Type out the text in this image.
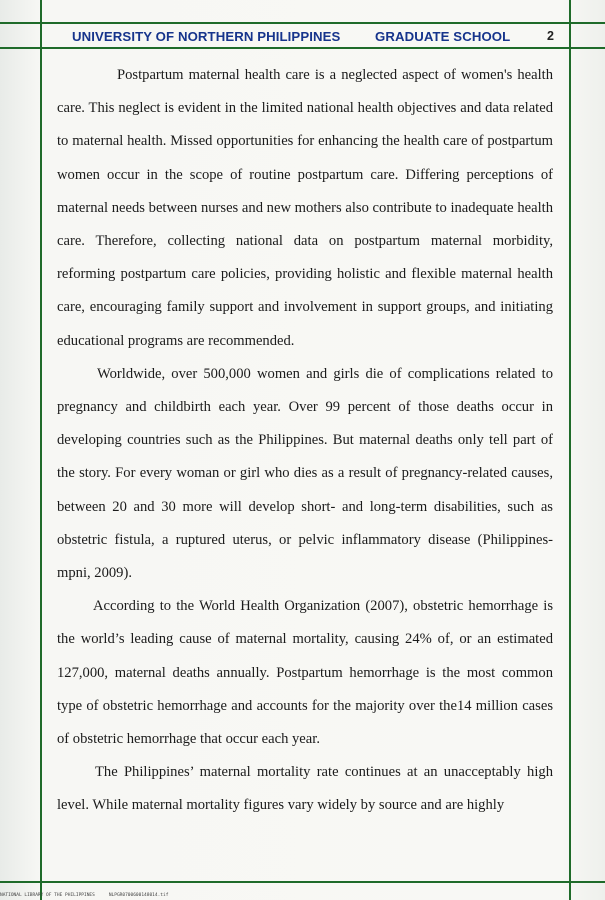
UNIVERSITY OF NORTHERN PHILIPPINES	GRADUATE SCHOOL	2

Postpartum maternal health care is a neglected aspect of women's health care. This neglect is evident in the limited national health objectives and data related to maternal health. Missed opportunities for enhancing the health care of postpartum women occur in the scope of routine postpartum care. Differing perceptions of maternal needs between nurses and new mothers also contribute to inadequate health care. Therefore, collecting national data on postpartum maternal morbidity, reforming postpartum care policies, providing holistic and flexible maternal health care, encouraging family support and involvement in support groups, and initiating educational programs are recommended.

Worldwide, over 500,000 women and girls die of complications related to pregnancy and childbirth each year. Over 99 percent of those deaths occur in developing countries such as the Philippines. But maternal deaths only tell part of the story. For every woman or girl who dies as a result of pregnancy-related causes, between 20 and 30 more will develop short- and long-term disabilities, such as obstetric fistula, a ruptured uterus, or pelvic inflammatory disease (Philippines-mpni, 2009).

According to the World Health Organization (2007), obstetric hemorrhage is the world’s leading cause of maternal mortality, causing 24% of, or an estimated 127,000, maternal deaths annually. Postpartum hemorrhage is the most common type of obstetric hemorrhage and accounts for the majority over the14 million cases of obstetric hemorrhage that occur each year.

The Philippines’ maternal mortality rate continues at an unacceptably high level. While maternal mortality figures vary widely by source and are highly

NATIONAL LIBRARY OF THE PHILIPPINES	NLPGR0700600148014.tif
